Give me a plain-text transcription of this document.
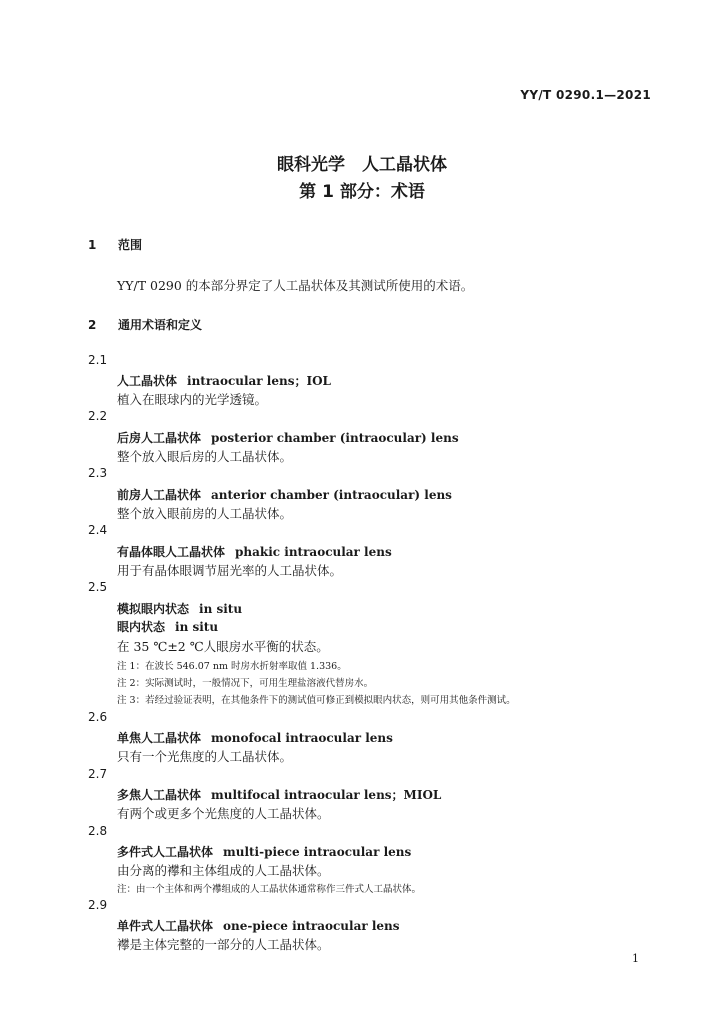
YY/T 0290.1—2021
眼科光学　人工晶状体
第 1 部分：术语
1 范围
YY/T 0290 的本部分界定了人工晶状体及其测试所使用的术语。
2 通用术语和定义
2.1
人工晶状体 intraocular lens；IOL
植入在眼球内的光学透镜。
2.2
后房人工晶状体 posterior chamber (intraocular) lens
整个放入眼后房的人工晶状体。
2.3
前房人工晶状体 anterior chamber (intraocular) lens
整个放入眼前房的人工晶状体。
2.4
有晶体眼人工晶状体 phakic intraocular lens
用于有晶体眼调节屈光率的人工晶状体。
2.5
模拟眼内状态 in situ
眼内状态 in situ
在 35 ℃±2 ℃人眼房水平衡的状态。
注 1：在波长 546.07 nm 时房水折射率取值 1.336。
注 2：实际测试时，一般情况下，可用生理盐溶液代替房水。
注 3：若经过验证表明，在其他条件下的测试值可修正到模拟眼内状态，则可用其他条件测试。
2.6
单焦人工晶状体 monofocal intraocular lens
只有一个光焦度的人工晶状体。
2.7
多焦人工晶状体 multifocal intraocular lens；MIOL
有两个或更多个光焦度的人工晶状体。
2.8
多件式人工晶状体 multi-piece intraocular lens
由分离的襻和主体组成的人工晶状体。
注：由一个主体和两个襻组成的人工晶状体通常称作三件式人工晶状体。
2.9
单件式人工晶状体 one-piece intraocular lens
襻是主体完整的一部分的人工晶状体。
1
